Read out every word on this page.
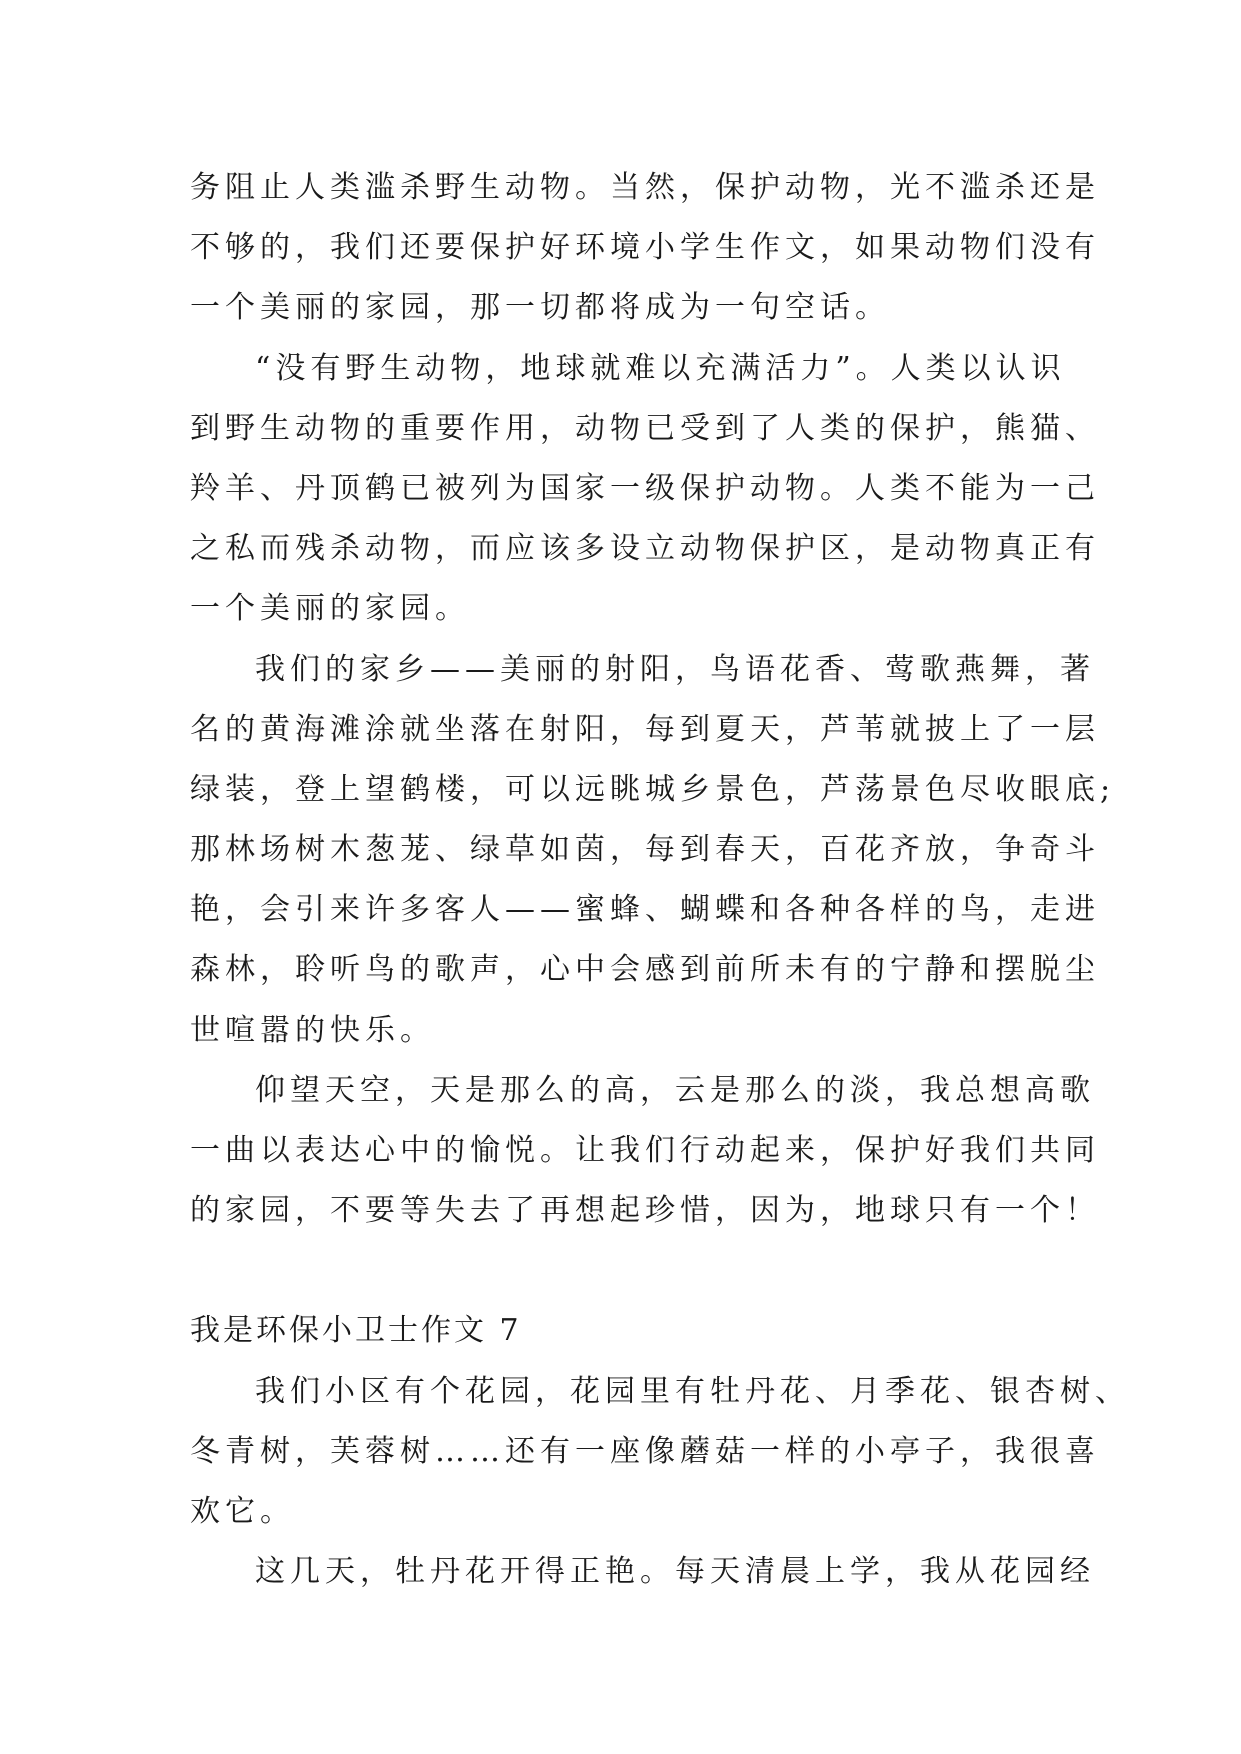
务阻止人类滥杀野生动物。当然，保护动物，光不滥杀还是
不够的，我们还要保护好环境小学生作文，如果动物们没有
一个美丽的家园，那一切都将成为一句空话。
“没有野生动物，地球就难以充满活力”。人类以认识
到野生动物的重要作用，动物已受到了人类的保护，熊猫、
羚羊、丹顶鹤已被列为国家一级保护动物。人类不能为一己
之私而残杀动物，而应该多设立动物保护区，是动物真正有
一个美丽的家园。
我们的家乡——美丽的射阳，鸟语花香、莺歌燕舞，著
名的黄海滩涂就坐落在射阳，每到夏天，芦苇就披上了一层
绿装，登上望鹤楼，可以远眺城乡景色，芦荡景色尽收眼底;
那林场树木葱茏、绿草如茵，每到春天，百花齐放，争奇斗
艳，会引来许多客人——蜜蜂、蝴蝶和各种各样的鸟，走进
森林，聆听鸟的歌声，心中会感到前所未有的宁静和摆脱尘
世喧嚣的快乐。
仰望天空，天是那么的高，云是那么的淡，我总想高歌
一曲以表达心中的愉悦。让我们行动起来，保护好我们共同
的家园，不要等失去了再想起珍惜，因为，地球只有一个！
我是环保小卫士作文 7
我们小区有个花园，花园里有牡丹花、月季花、银杏树、
冬青树，芙蓉树……还有一座像蘑菇一样的小亭子，我很喜
欢它。
这几天，牡丹花开得正艳。每天清晨上学，我从花园经
